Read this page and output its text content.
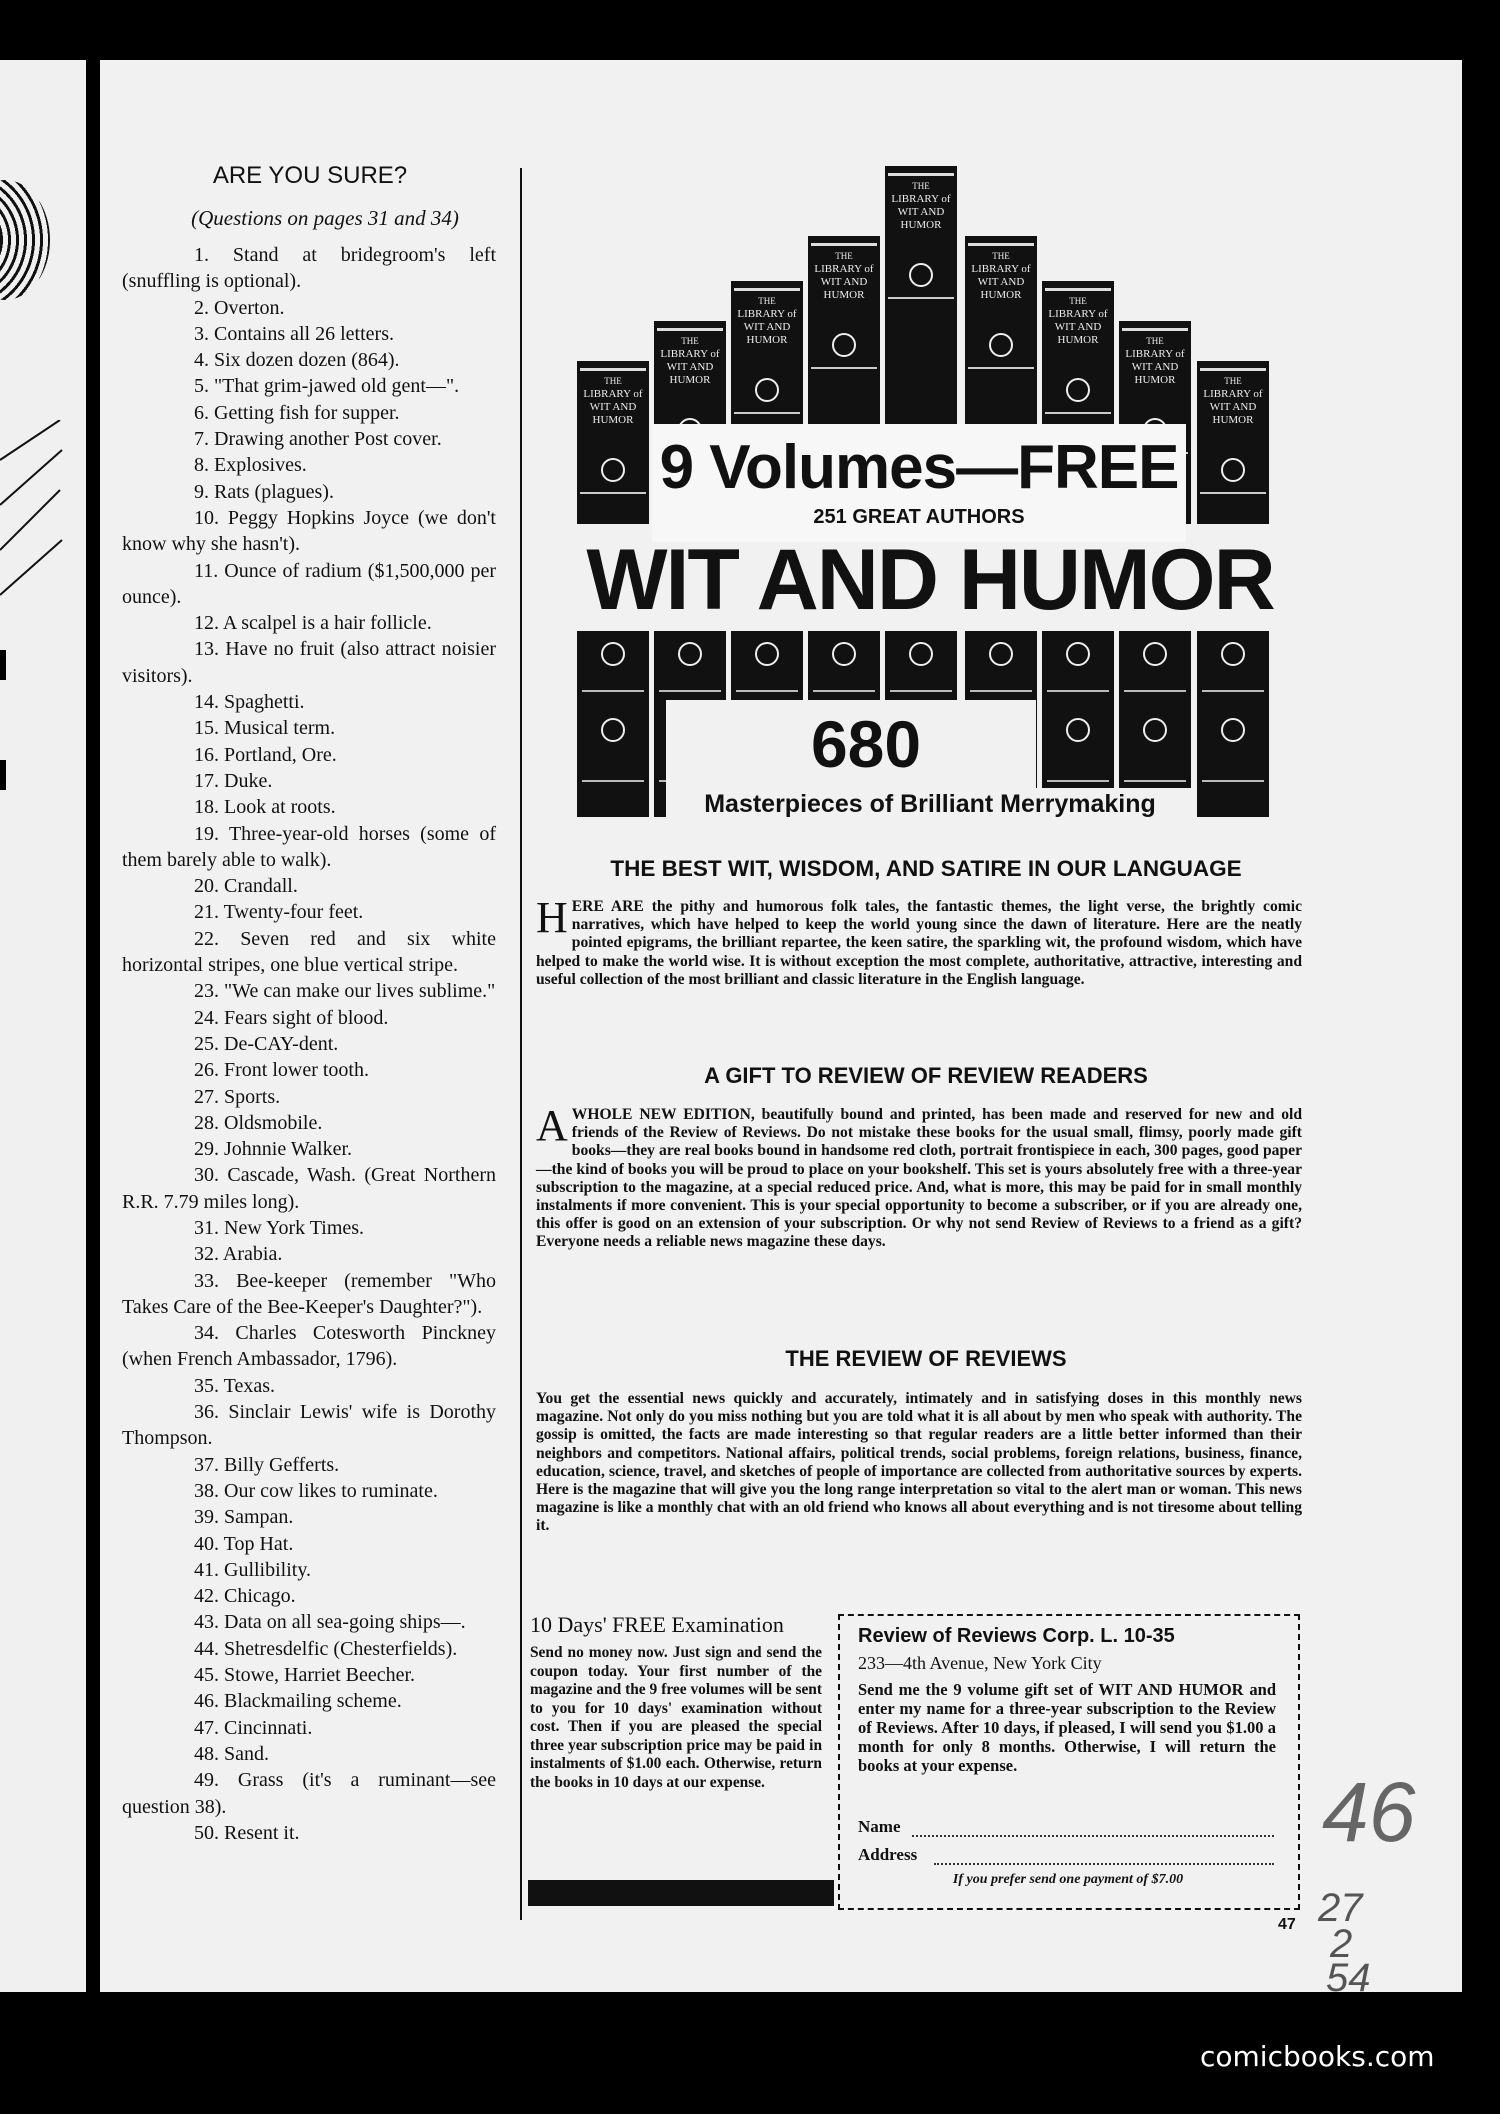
ARE YOU SURE?
(Questions on pages 31 and 34)

1. Stand at bridegroom's left (snuffling is optional).

2. Overton.

3. Contains all 26 letters.

4. Six dozen dozen (864).

5. "That grim-jawed old gent—".

6. Getting fish for supper.

7. Drawing another Post cover.

8. Explosives.

9. Rats (plagues).

10. Peggy Hopkins Joyce (we don't know why she hasn't).

11. Ounce of radium ($1,500,000 per ounce).

12. A scalpel is a hair follicle.

13. Have no fruit (also attract noisier visitors).

14. Spaghetti.

15. Musical term.

16. Portland, Ore.

17. Duke.

18. Look at roots.

19. Three-year-old horses (some of them barely able to walk).

20. Crandall.

21. Twenty-four feet.

22. Seven red and six white horizontal stripes, one blue vertical stripe.

23. "We can make our lives sublime."

24. Fears sight of blood.

25. De-CAY-dent.

26. Front lower tooth.

27. Sports.

28. Oldsmobile.

29. Johnnie Walker.

30. Cascade, Wash. (Great Northern R.R. 7.79 miles long).

31. New York Times.

32. Arabia.

33. Bee-keeper (remember "Who Takes Care of the Bee-Keeper's Daughter?").

34. Charles Cotesworth Pinckney (when French Ambassador, 1796).

35. Texas.

36. Sinclair Lewis' wife is Dorothy Thompson.

37. Billy Gefferts.

38. Our cow likes to ruminate.

39. Sampan.

40. Top Hat.

41. Gullibility.

42. Chicago.

43. Data on all sea-going ships—.

44. Shetresdelfic (Chesterfields).

45. Stowe, Harriet Beecher.

46. Blackmailing scheme.

47. Cincinnati.

48. Sand.

49. Grass (it's a ruminant—see question 38).

50. Resent it.

THE
LIBRARY of
WIT AND
HUMOR
THE
LIBRARY of
WIT AND
HUMOR
THE
LIBRARY of
WIT AND
HUMOR
THE
LIBRARY of
WIT AND
HUMOR
THE
LIBRARY of
WIT AND
HUMOR
THE
LIBRARY of
WIT AND
HUMOR	THE
LIBRARY of
WIT AND
HUMOR	THE
LIBRARY of
WIT AND
HUMOR	THE
LIBRARY of
WIT AND
HUMOR
9 Volumes—FREE
251 GREAT AUTHORS
WIT AND HUMOR
680
Masterpieces of Brilliant Merrymaking
THE BEST WIT, WISDOM, AND SATIRE IN OUR LANGUAGE
HERE ARE the pithy and humorous folk tales, the fantastic themes, the light verse, the brightly comic narratives, which have helped to keep the world young since the dawn of literature. Here are the neatly pointed epigrams, the brilliant repartee, the keen satire, the sparkling wit, the profound wisdom, which have helped to make the world wise. It is without exception the most complete, authoritative, attractive, interesting and useful collection of the most brilliant and classic literature in the English language.
A GIFT TO REVIEW OF REVIEW READERS
AWHOLE NEW EDITION, beautifully bound and printed, has been made and reserved for new and old friends of the Review of Reviews. Do not mistake these books for the usual small, flimsy, poorly made gift books—they are real books bound in handsome red cloth, portrait frontispiece in each, 300 pages, good paper—the kind of books you will be proud to place on your bookshelf. This set is yours absolutely free with a three-year subscription to the magazine, at a special reduced price. And, what is more, this may be paid for in small monthly instalments if more convenient. This is your special opportunity to become a subscriber, or if you are already one, this offer is good on an extension of your subscription. Or why not send Review of Reviews to a friend as a gift? Everyone needs a reliable news magazine these days.
THE REVIEW OF REVIEWS
You get the essential news quickly and accurately, intimately and in satisfying doses in this monthly news magazine. Not only do you miss nothing but you are told what it is all about by men who speak with authority. The gossip is omitted, the facts are made interesting so that regular readers are a little better informed than their neighbors and competitors. National affairs, political trends, social problems, foreign relations, business, finance, education, science, travel, and sketches of people of importance are collected from authoritative sources by experts. Here is the magazine that will give you the long range interpretation so vital to the alert man or woman. This news magazine is like a monthly chat with an old friend who knows all about everything and is not tiresome about telling it.
10 Days' FREE Examination
Send no money now. Just sign and send the coupon today. Your first number of the magazine and the 9 free volumes will be sent to you for 10 days' examination without cost. Then if you are pleased the special three year subscription price may be paid in instalments of $1.00 each. Otherwise, return the books in 10 days at our expense.
Review of Reviews Corp. L. 10-35
233—4th Avenue, New York City
Send me the 9 volume gift set of WIT AND HUMOR and enter my name for a three-year subscription to the Review of Reviews. After 10 days, if pleased, I will send you $1.00 a month for only 8 months. Otherwise, I will return the books at your expense.
Name
Address
If you prefer send one payment of $7.00
47
46
27
2
54
comicbooks.com
